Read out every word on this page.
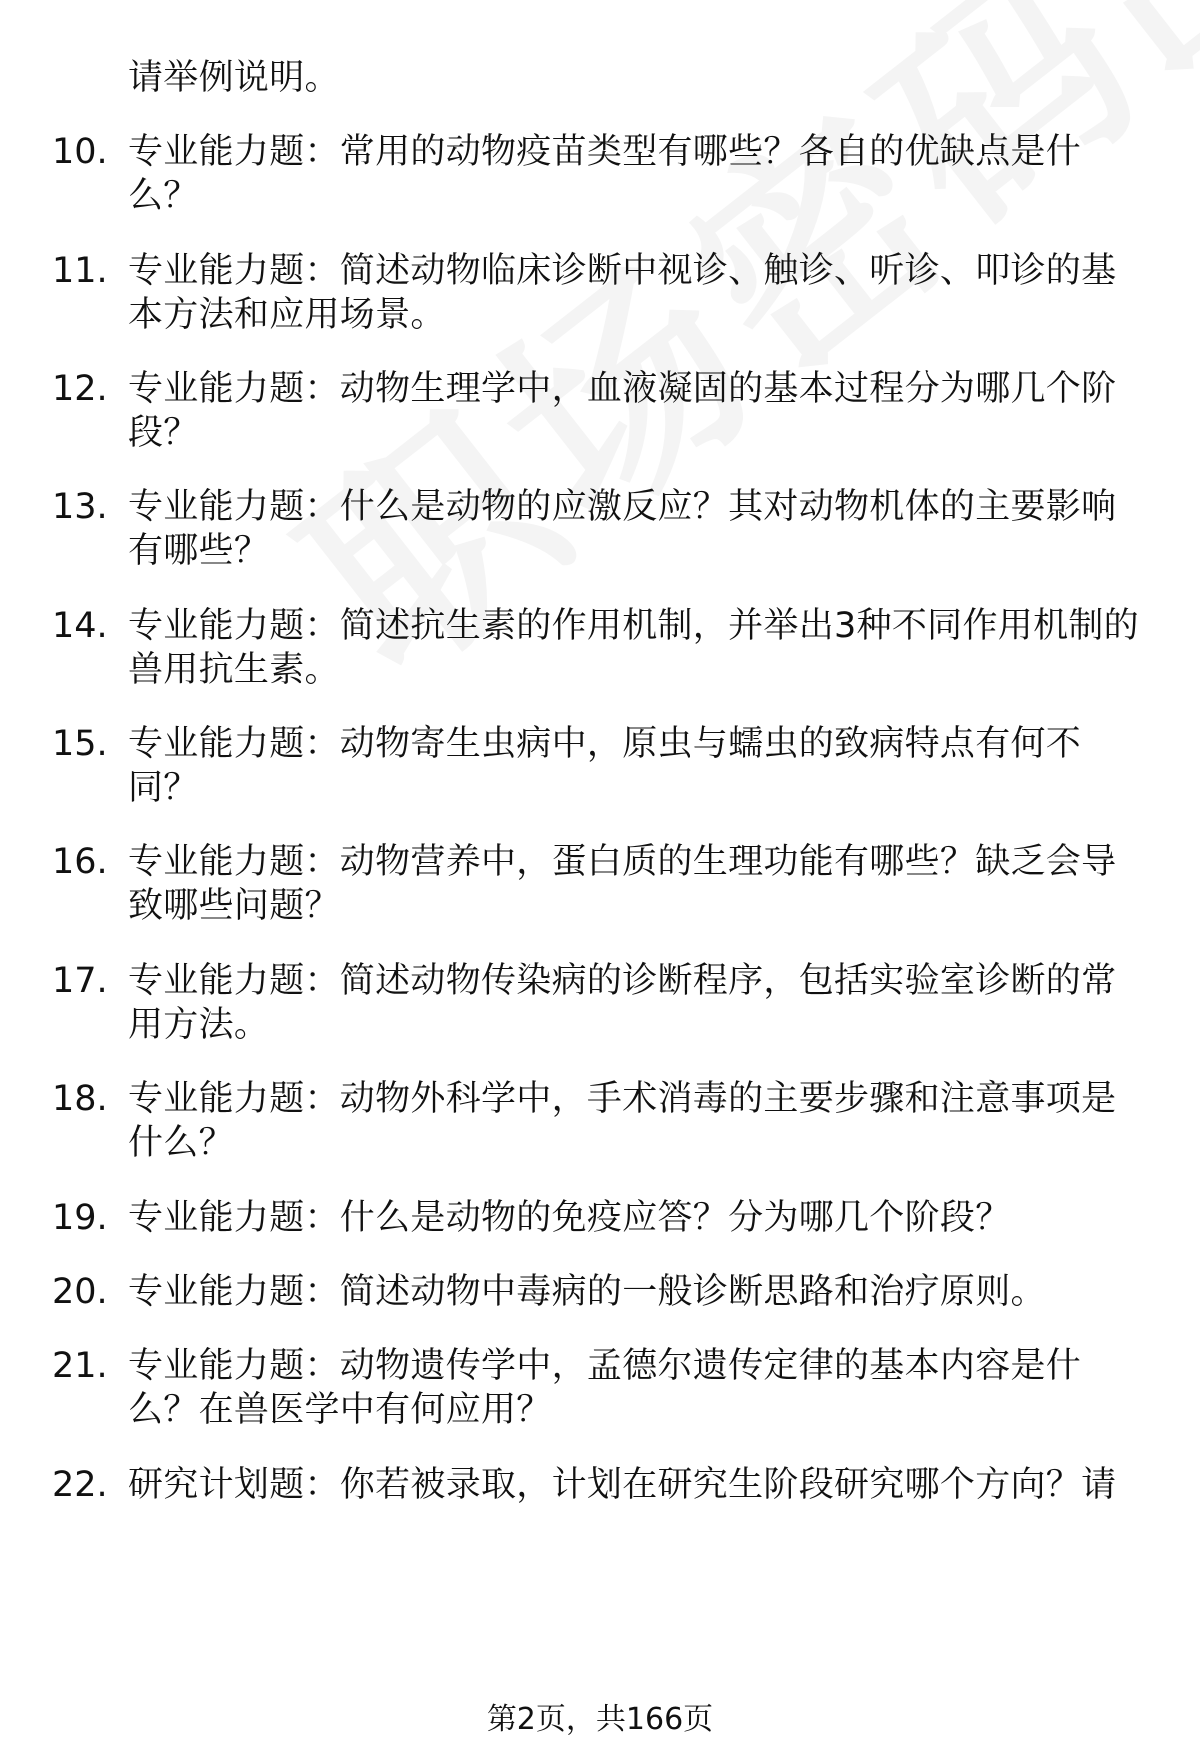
请举例说明。
10. 专业能力题：常用的动物疫苗类型有哪些？各自的优缺点是什
么？
11. 专业能力题：简述动物临床诊断中视诊、触诊、听诊、叩诊的基
本方法和应用场景。
12. 专业能力题：动物生理学中，血液凝固的基本过程分为哪几个阶
段？
13. 专业能力题：什么是动物的应激反应？其对动物机体的主要影响
有哪些？
14. 专业能力题：简述抗生素的作用机制，并举出3种不同作用机制的
兽用抗生素。
15. 专业能力题：动物寄生虫病中，原虫与蠕虫的致病特点有何不
同？
16. 专业能力题：动物营养中，蛋白质的生理功能有哪些？缺乏会导
致哪些问题？
17. 专业能力题：简述动物传染病的诊断程序，包括实验室诊断的常
用方法。
18. 专业能力题：动物外科学中，手术消毒的主要步骤和注意事项是
什么？
19. 专业能力题：什么是动物的免疫应答？分为哪几个阶段？
20. 专业能力题：简述动物中毒病的一般诊断思路和治疗原则。
21. 专业能力题：动物遗传学中，孟德尔遗传定律的基本内容是什
么？在兽医学中有何应用？
22. 研究计划题：你若被录取，计划在研究生阶段研究哪个方向？请
第2页，共166页
